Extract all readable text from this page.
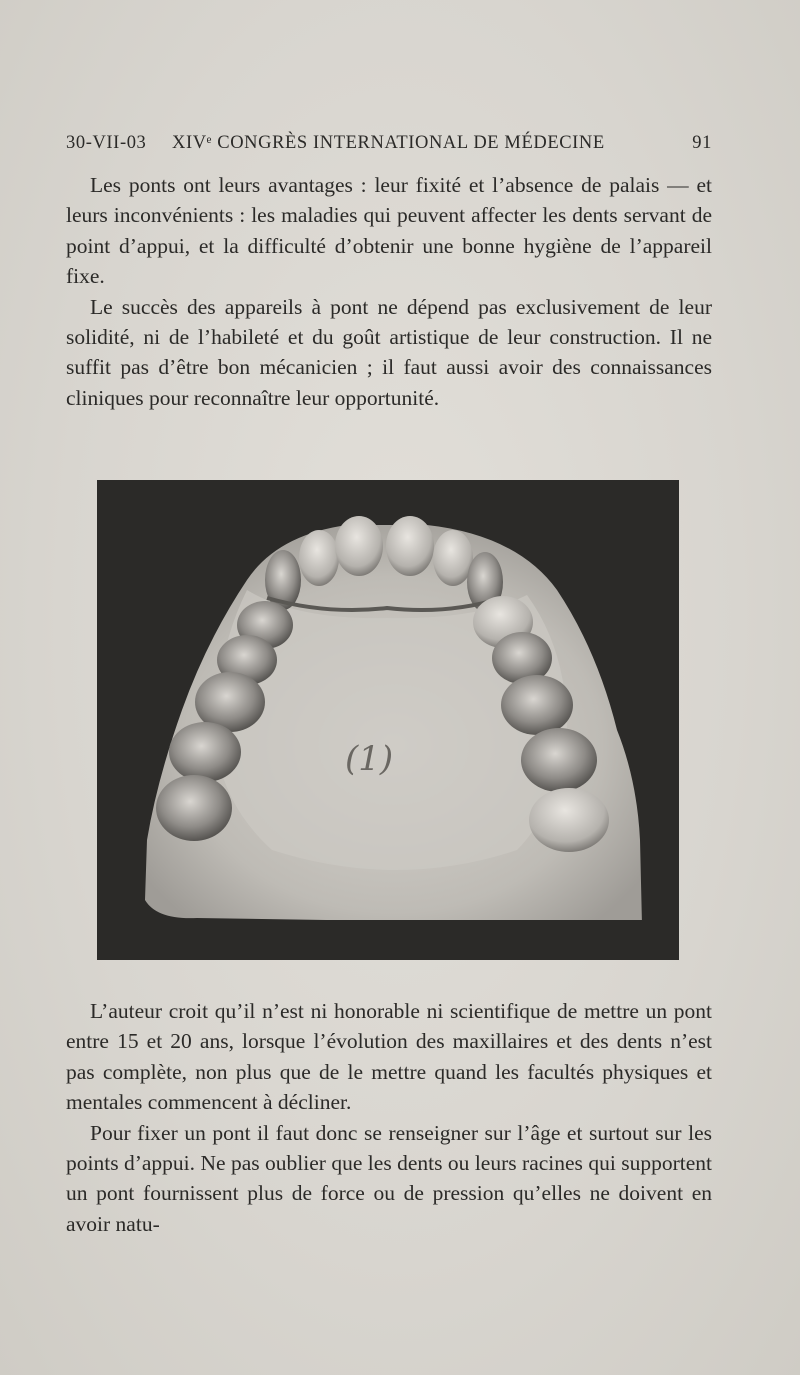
30-VII-03 XIVᵉ CONGRÈS INTERNATIONAL DE MÉDECINE	91

Les ponts ont leurs avantages : leur fixité et l’absence de palais — et leurs inconvénients : les maladies qui peuvent affecter les dents servant de point d’appui, et la difficulté d’obtenir une bonne hygiène de l’appareil fixe.

Le succès des appareils à pont ne dépend pas exclusivement de leur solidité, ni de l’habileté et du goût artistique de leur construction. Il ne suffit pas d’être bon mécanicien ; il faut aussi avoir des connaissances cliniques pour reconnaître leur opportunité.

(1)

L’auteur croit qu’il n’est ni honorable ni scientifique de mettre un pont entre 15 et 20 ans, lorsque l’évolution des maxillaires et des dents n’est pas complète, non plus que de le mettre quand les facultés physiques et mentales commencent à décliner.

Pour fixer un pont il faut donc se renseigner sur l’âge et surtout sur les points d’appui. Ne pas oublier que les dents ou leurs racines qui supportent un pont fournissent plus de force ou de pression qu’elles ne doivent en avoir natu-
